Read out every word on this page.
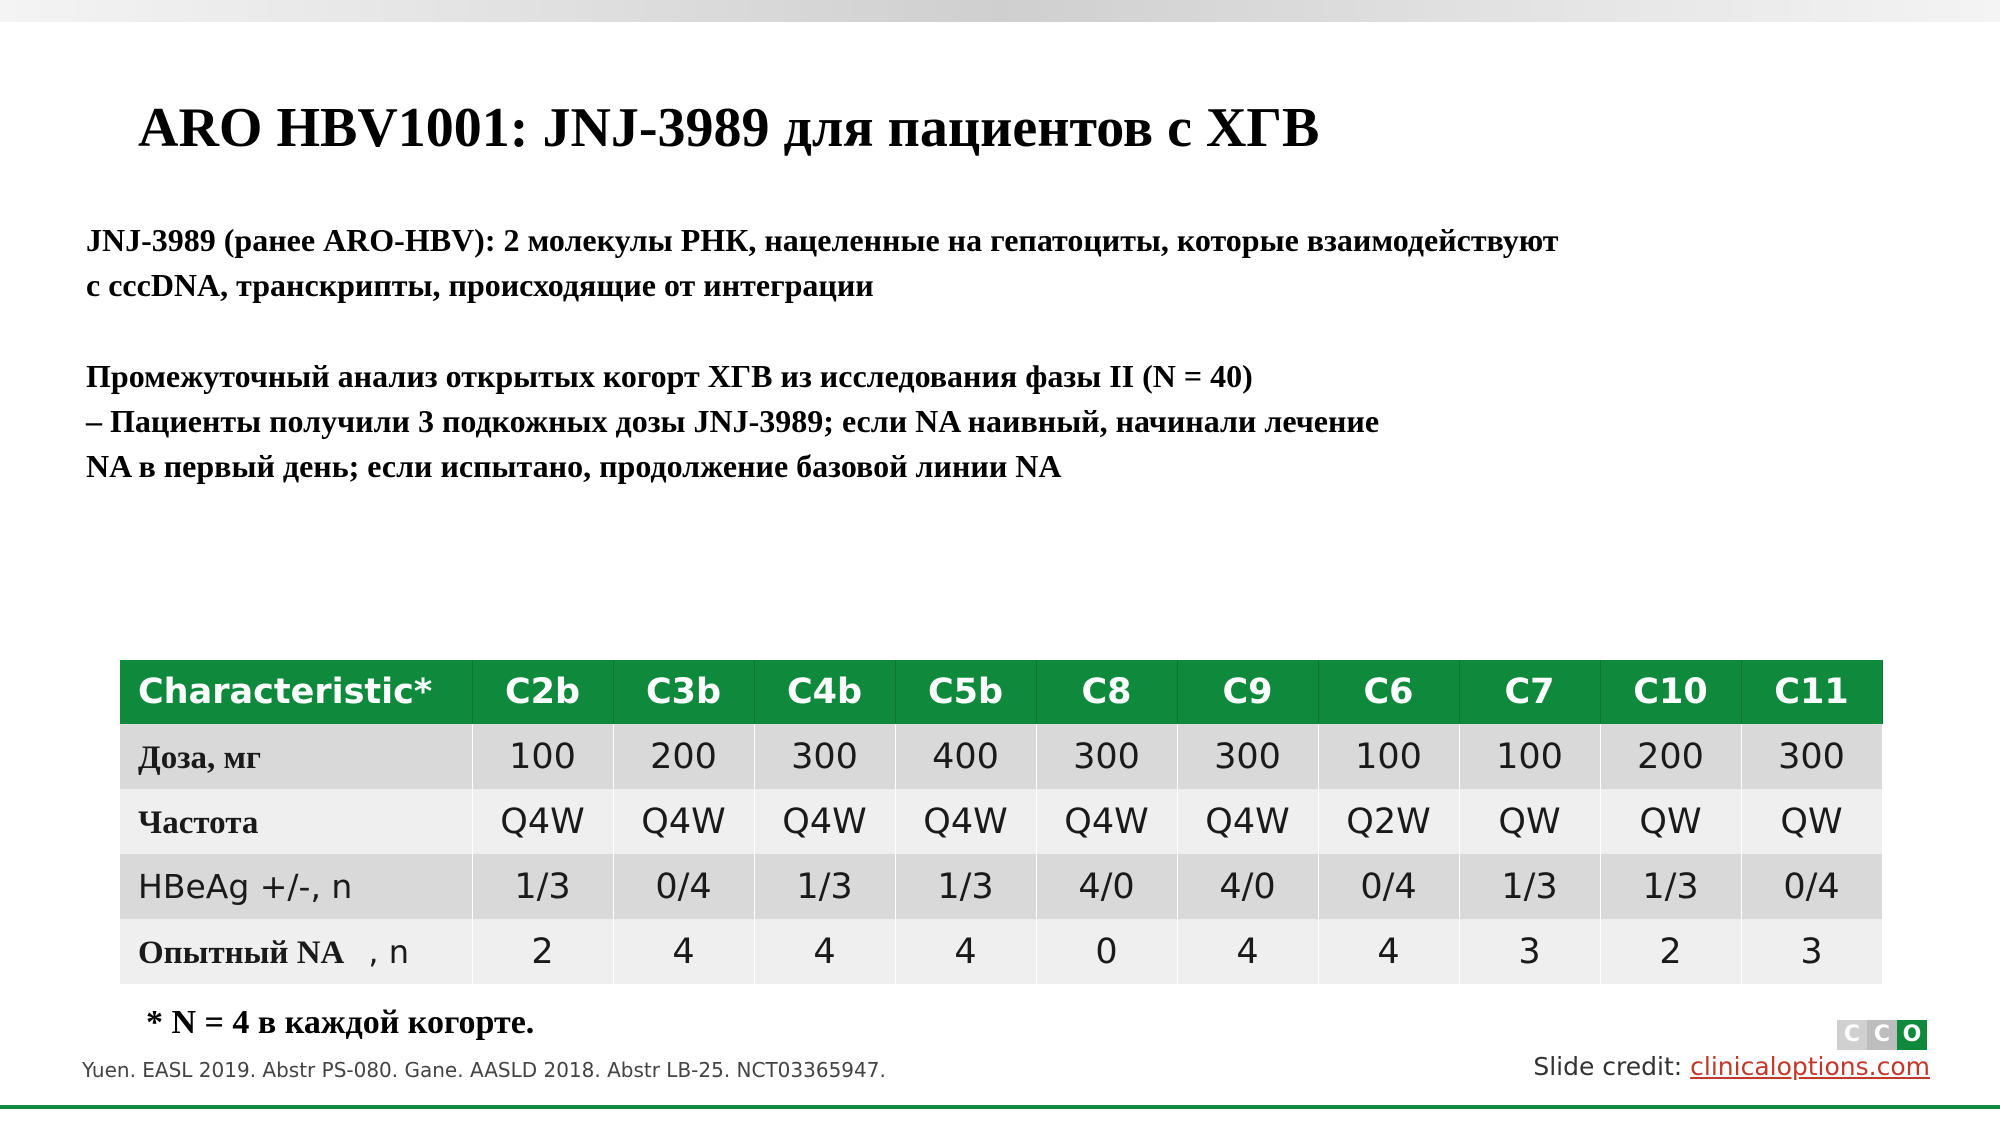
ARO HBV1001: JNJ-3989 для пациентов с ХГВ
JNJ-3989 (ранее ARO-HBV): 2 молекулы РНК, нацеленные на гепатоциты, которые взаимодействуют
с cccDNA, транскрипты, происходящие от интеграции
Промежуточный анализ открытых когорт ХГВ из исследования фазы II (N = 40)
– Пациенты получили 3 подкожных дозы JNJ-3989; если NA наивный, начинали лечение
NA в первый день; если испытано, продолжение базовой линии NA
Characteristic*	C2b	C3b	C4b	C5b	C8	C9	C6	C7	C10	C11
Доза, мг	100	200	300	400	300	300	100	100	200	300
Частота	Q4W	Q4W	Q4W	Q4W	Q4W	Q4W	Q2W	QW	QW	QW
HBeAg +/-, n	1/3	0/4	1/3	1/3	4/0	4/0	0/4	1/3	1/3	0/4
Опытный NA , n	2	4	4	4	0	4	4	3	2	3
* N = 4 в каждой когорте.	C C O
Yuen. EASL 2019. Abstr PS-080. Gane. AASLD 2018. Abstr LB-25. NCT03365947.	Slide credit: clinicaloptions.com
